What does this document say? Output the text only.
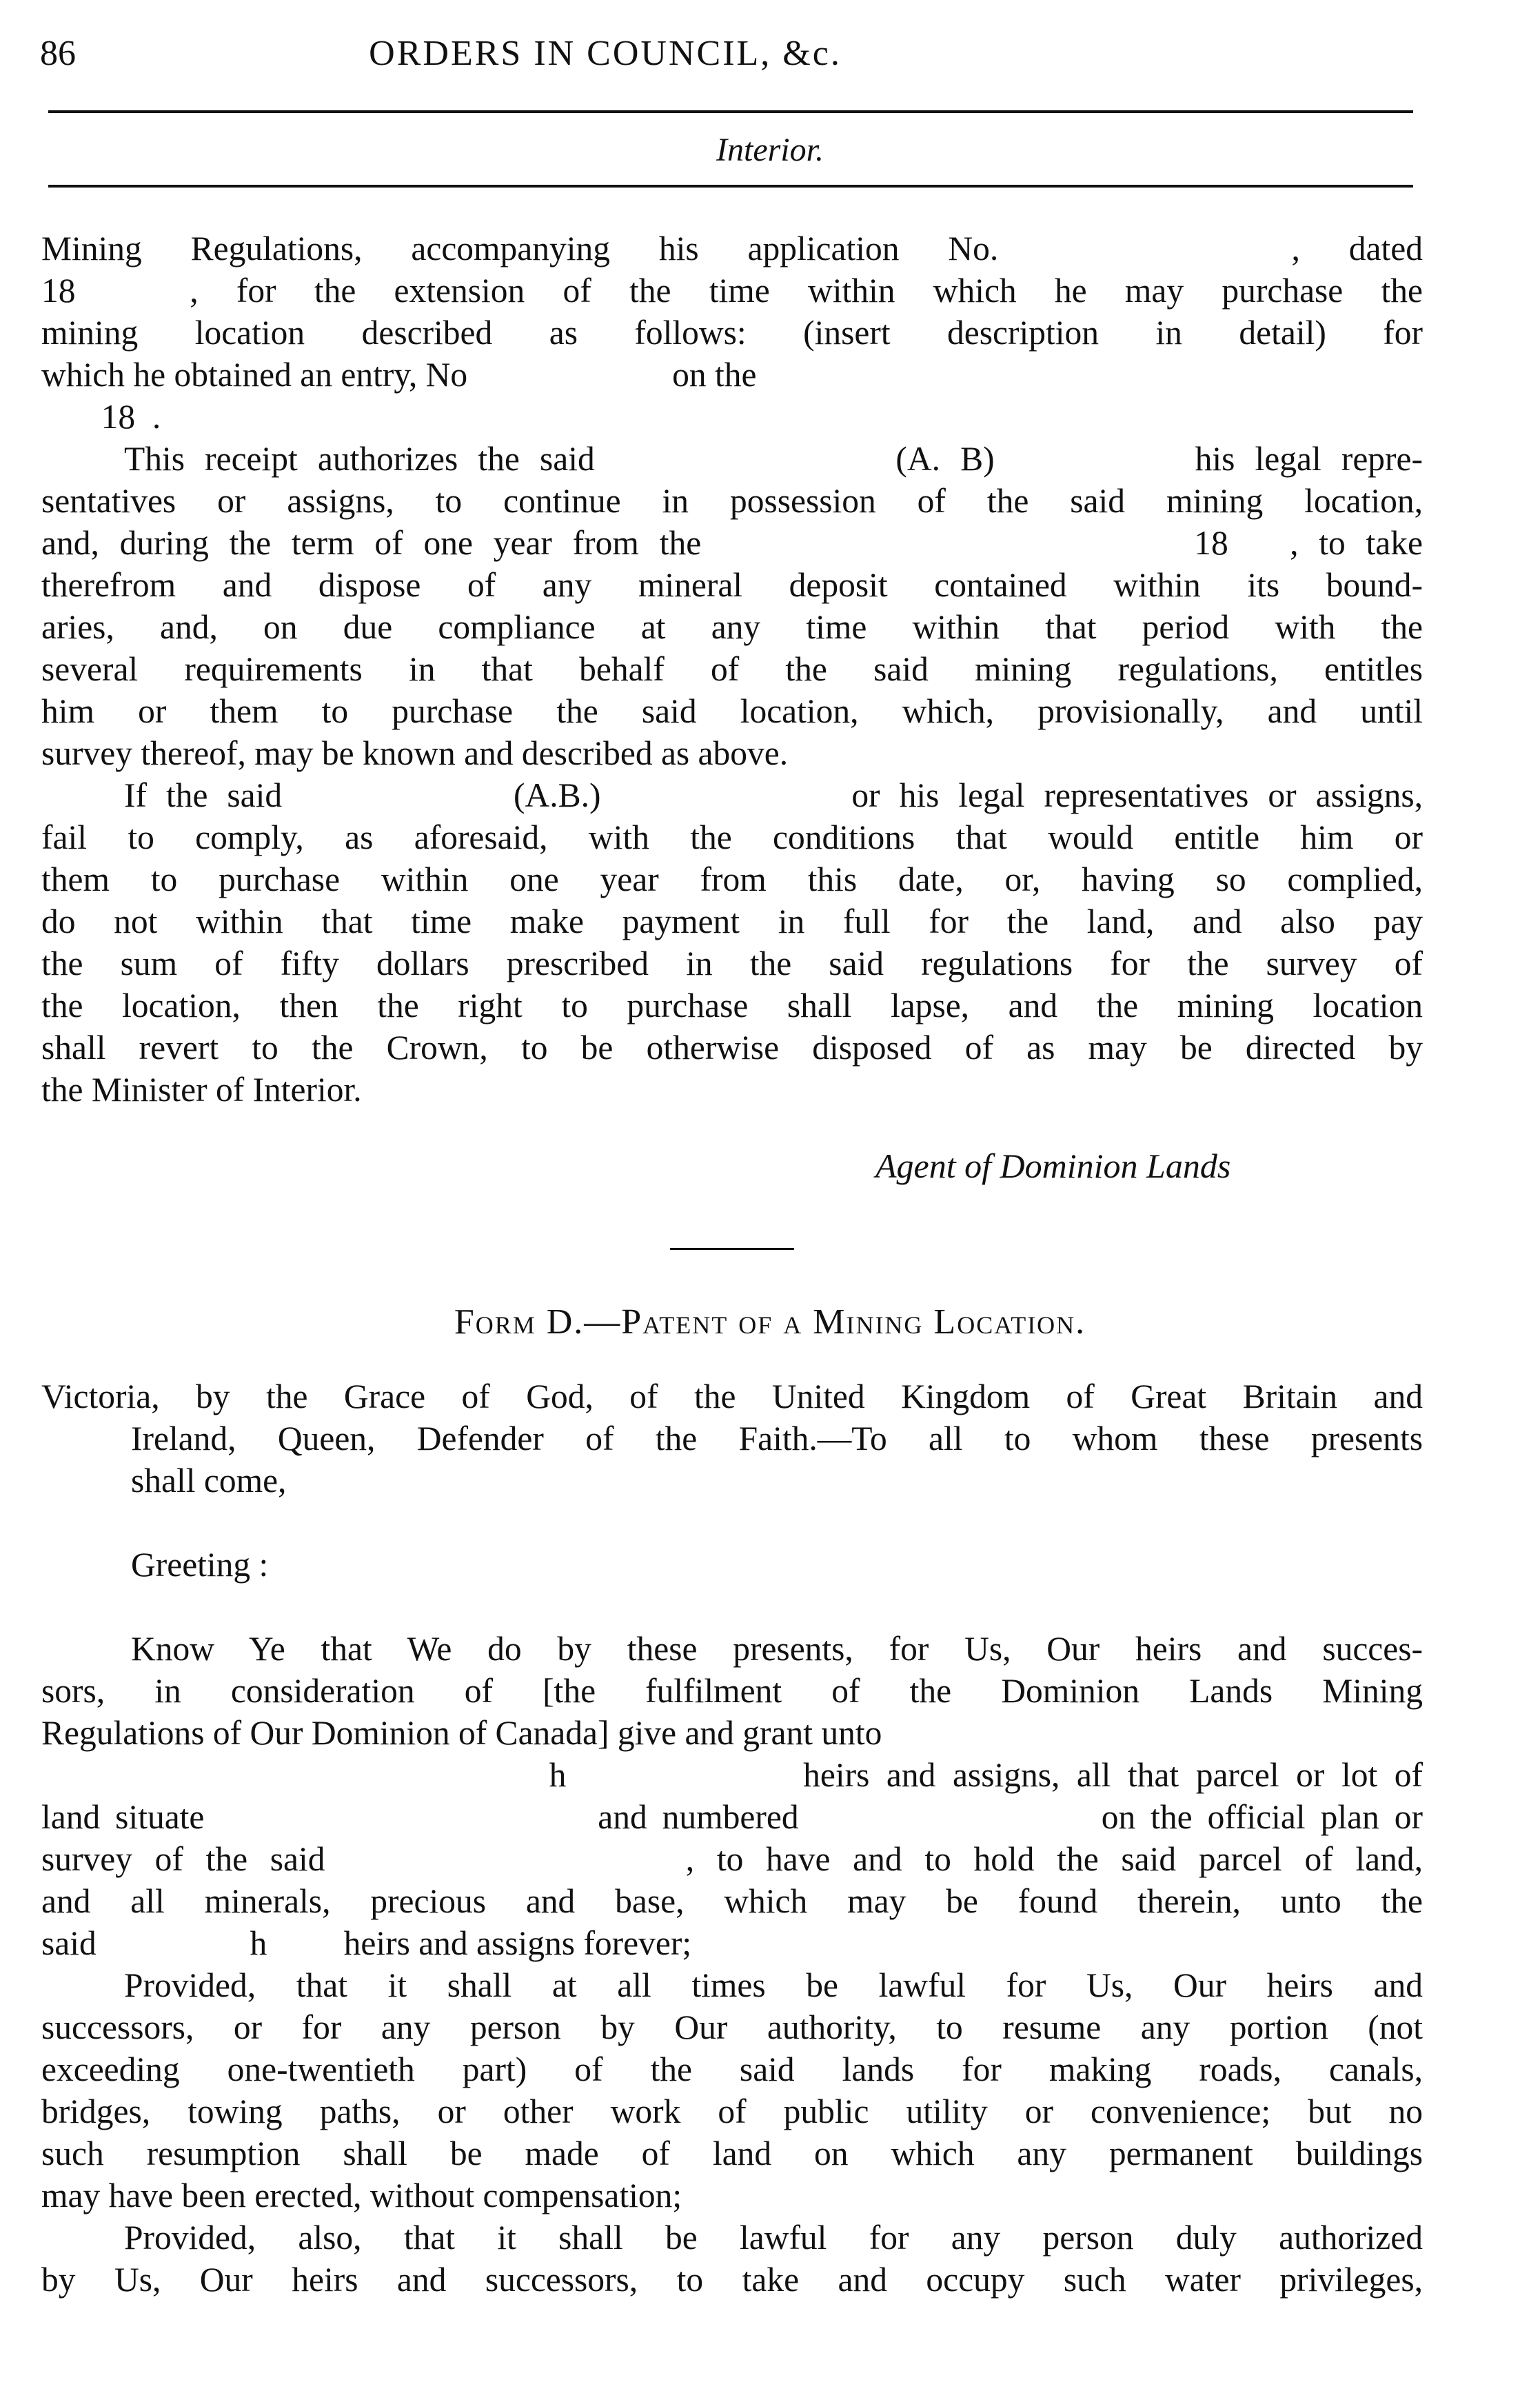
86	ORDERS IN COUNCIL, &c.
Interior.
Mining Regulations, accompanying his application No.      , dated
18   , for the extension of the time within which he may purchase the
mining location described as follows: (insert description in detail) for
which he obtained an entry, No                        on the
18  .
This receipt authorizes the said               (A. B)          his legal repre-
sentatives or assigns, to continue in possession of the said mining location,
and, during the term of one year from the                        18   , to take
therefrom and dispose of any mineral deposit contained within its bound-
aries, and, on due compliance at any time within that period with the
several requirements in that behalf of the said mining regulations, entitles
him or them to purchase the said location, which, provisionally, and until
survey thereof, may be known and described as above.
If the said            (A.B.)             or his legal representatives or assigns,
fail to comply, as aforesaid, with the conditions that would entitle him or
them to purchase within one year from this date, or, having so complied,
do not within that time make payment in full for the land, and also pay
the sum of fifty dollars prescribed in the said regulations for the survey of
the location, then the right to purchase shall lapse, and the mining location
shall revert to the Crown, to be otherwise disposed of as may be directed by
the Minister of Interior.
Agent of Dominion Lands
Form D.—Patent of a Mining Location.
Victoria, by the Grace of God, of the United Kingdom of Great Britain and
Ireland, Queen, Defender of the Faith.—To all to whom these presents
shall come,
Greeting :
Know Ye that We do by these presents, for Us, Our heirs and succes-
sors, in consideration of [the fulfilment of the Dominion Lands Mining
Regulations of Our Dominion of Canada] give and grant unto
h              heirs and assigns, all that parcel or lot of
land situate                          and numbered                    on the official plan or
survey of the said                , to have and to hold the said parcel of land,
and all minerals, precious and base, which may be found therein, unto the
said                  h         heirs and assigns forever;
Provided, that it shall at all times be lawful for Us, Our heirs and
successors, or for any person by Our authority, to resume any portion (not
exceeding one-twentieth part) of the said lands for making roads, canals,
bridges, towing paths, or other work of public utility or convenience; but no
such resumption shall be made of land on which any permanent buildings
may have been erected, without compensation;
Provided, also, that it shall be lawful for any person duly authorized
by Us, Our heirs and successors, to take and occupy such water privileges,
